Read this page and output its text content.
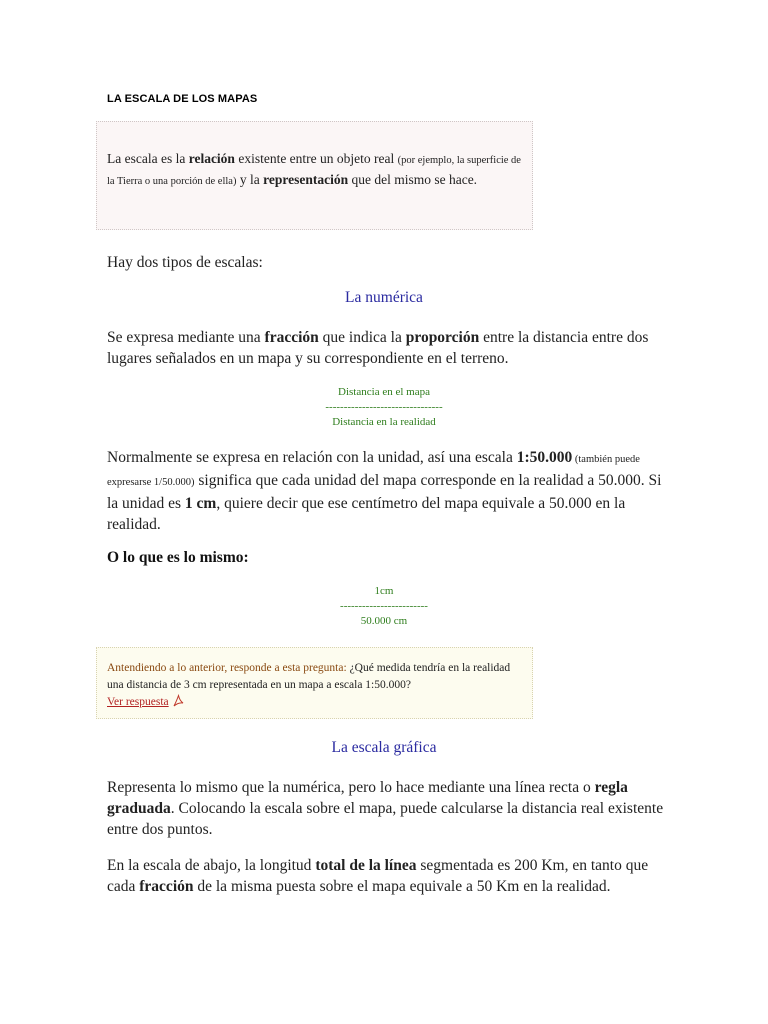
LA ESCALA DE LOS MAPAS
La escala es la relación existente entre un objeto real (por ejemplo, la superficie de la Tierra o una porción de ella) y la representación que del mismo se hace.
Hay dos tipos de escalas:
La numérica
Se expresa mediante una fracción que indica la proporción entre la distancia entre dos lugares señalados en un mapa y su correspondiente en el terreno.
Distancia en el mapa
--------------------------------
Distancia en la realidad
Normalmente se expresa en relación con la unidad, así una escala 1:50.000 (también puede expresarse 1/50.000) significa que cada unidad del mapa corresponde en la realidad a 50.000. Si la unidad es 1 cm, quiere decir que ese centímetro del mapa equivale a 50.000 en la realidad.
O lo que es lo mismo:
1cm
------------------------
50.000 cm
Antendiendo a lo anterior, responde a esta pregunta: ¿Qué medida tendría en la realidad una distancia de 3 cm representada en un mapa a escala 1:50.000?
Ver respuesta
La escala gráfica
Representa lo mismo que la numérica, pero lo hace mediante una línea recta o regla graduada. Colocando la escala sobre el mapa, puede calcularse la distancia real existente entre dos puntos.
En la escala de abajo, la longitud total de la línea segmentada es 200 Km, en tanto que cada fracción de la misma puesta sobre el mapa equivale a 50 Km en la realidad.
